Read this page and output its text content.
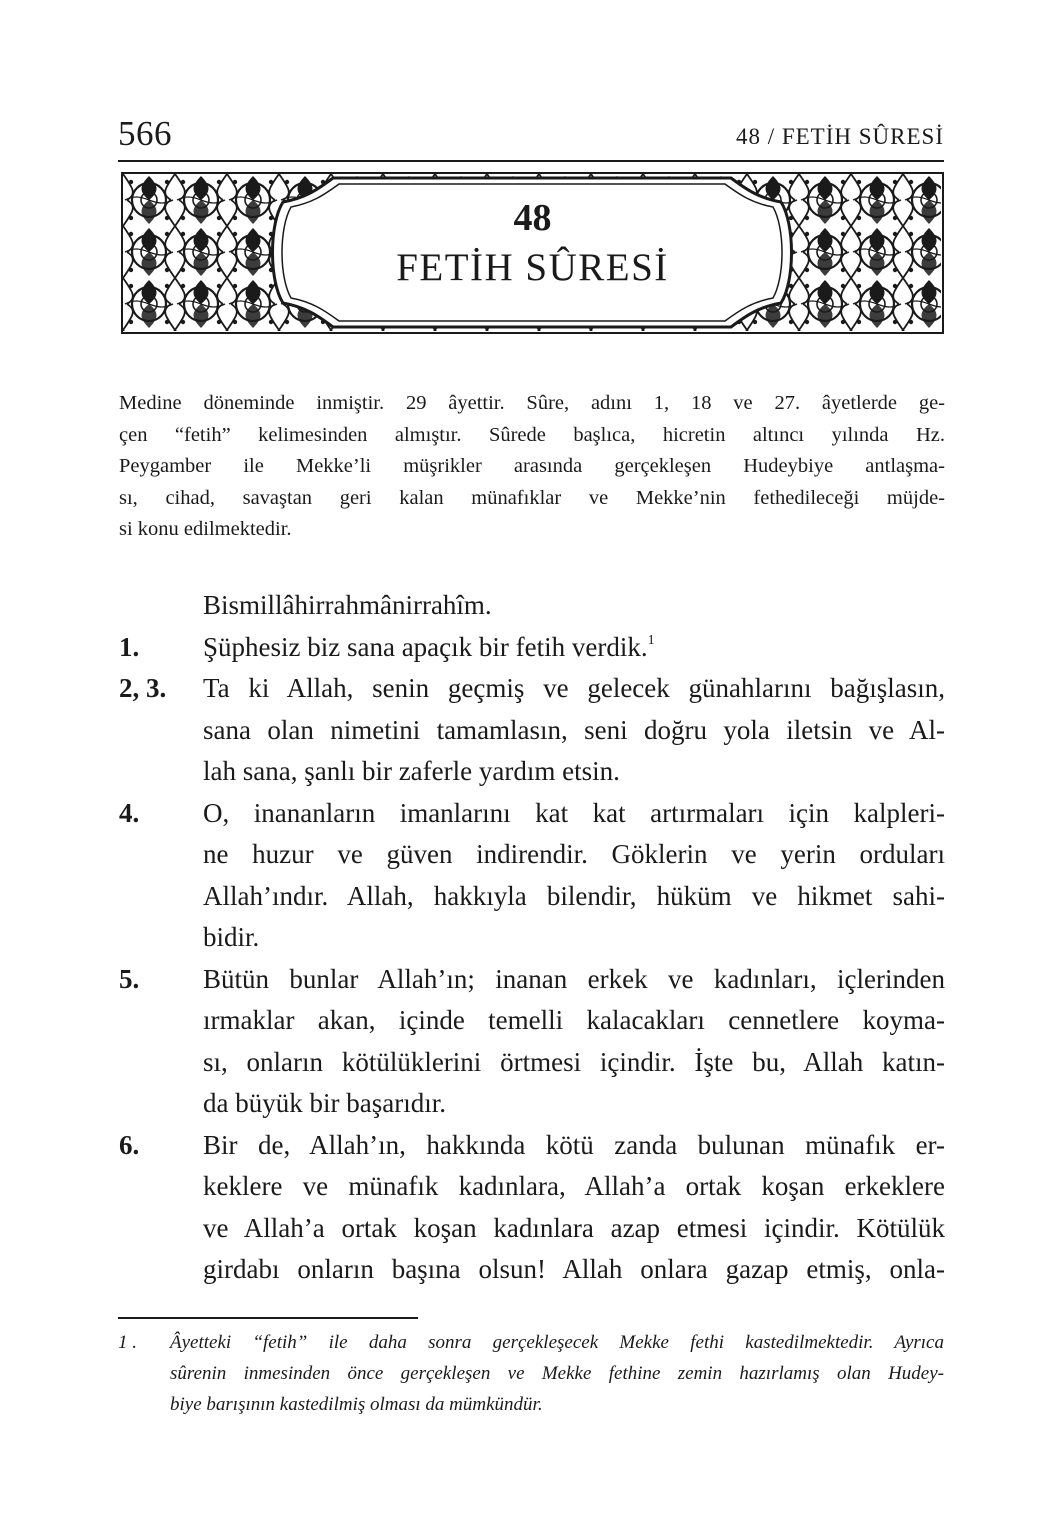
566	48 / FETİH SÛRESİ
48
FETİH SÛRESİ
Medine döneminde inmiştir. 29 âyettir. Sûre, adını 1, 18 ve 27. âyetlerde ge-
çen “fetih” kelimesinden almıştır. Sûrede başlıca, hicretin altıncı yılında Hz.
Peygamber ile Mekke’li müşrikler arasında gerçekleşen Hudeybiye antlaşma-
sı, cihad, savaştan geri kalan münafıklar ve Mekke’nin fethedileceği müjde-
si konu edilmektedir.
Bismillâhirrahmânirrahîm.
1. Şüphesiz biz sana apaçık bir fetih verdik.$^1$
2, 3. Ta ki Allah, senin geçmiş ve gelecek günahlarını bağışlasın,
sana olan nimetini tamamlasın, seni doğru yola iletsin ve Al-
lah sana, şanlı bir zaferle yardım etsin.
4. O, inananların imanlarını kat kat artırmaları için kalpleri-
ne huzur ve güven indirendir. Göklerin ve yerin orduları
Allah’ındır. Allah, hakkıyla bilendir, hüküm ve hikmet sahi-
bidir.
5. Bütün bunlar Allah’ın; inanan erkek ve kadınları, içlerinden
ırmaklar akan, içinde temelli kalacakları cennetlere koyma-
sı, onların kötülüklerini örtmesi içindir. İşte bu, Allah katın-
da büyük bir başarıdır.
6. Bir de, Allah’ın, hakkında kötü zanda bulunan münafık er-
keklere ve münafık kadınlara, Allah’a ortak koşan erkeklere
ve Allah’a ortak koşan kadınlara azap etmesi içindir. Kötülük
girdabı onların başına olsun! Allah onlara gazap etmiş, onla-
1 . Âyetteki “fetih” ile daha sonra gerçekleşecek Mekke fethi kastedilmektedir. Ayrıca
sûrenin inmesinden önce gerçekleşen ve Mekke fethine zemin hazırlamış olan Hudey-
biye barışının kastedilmiş olması da mümkündür.
